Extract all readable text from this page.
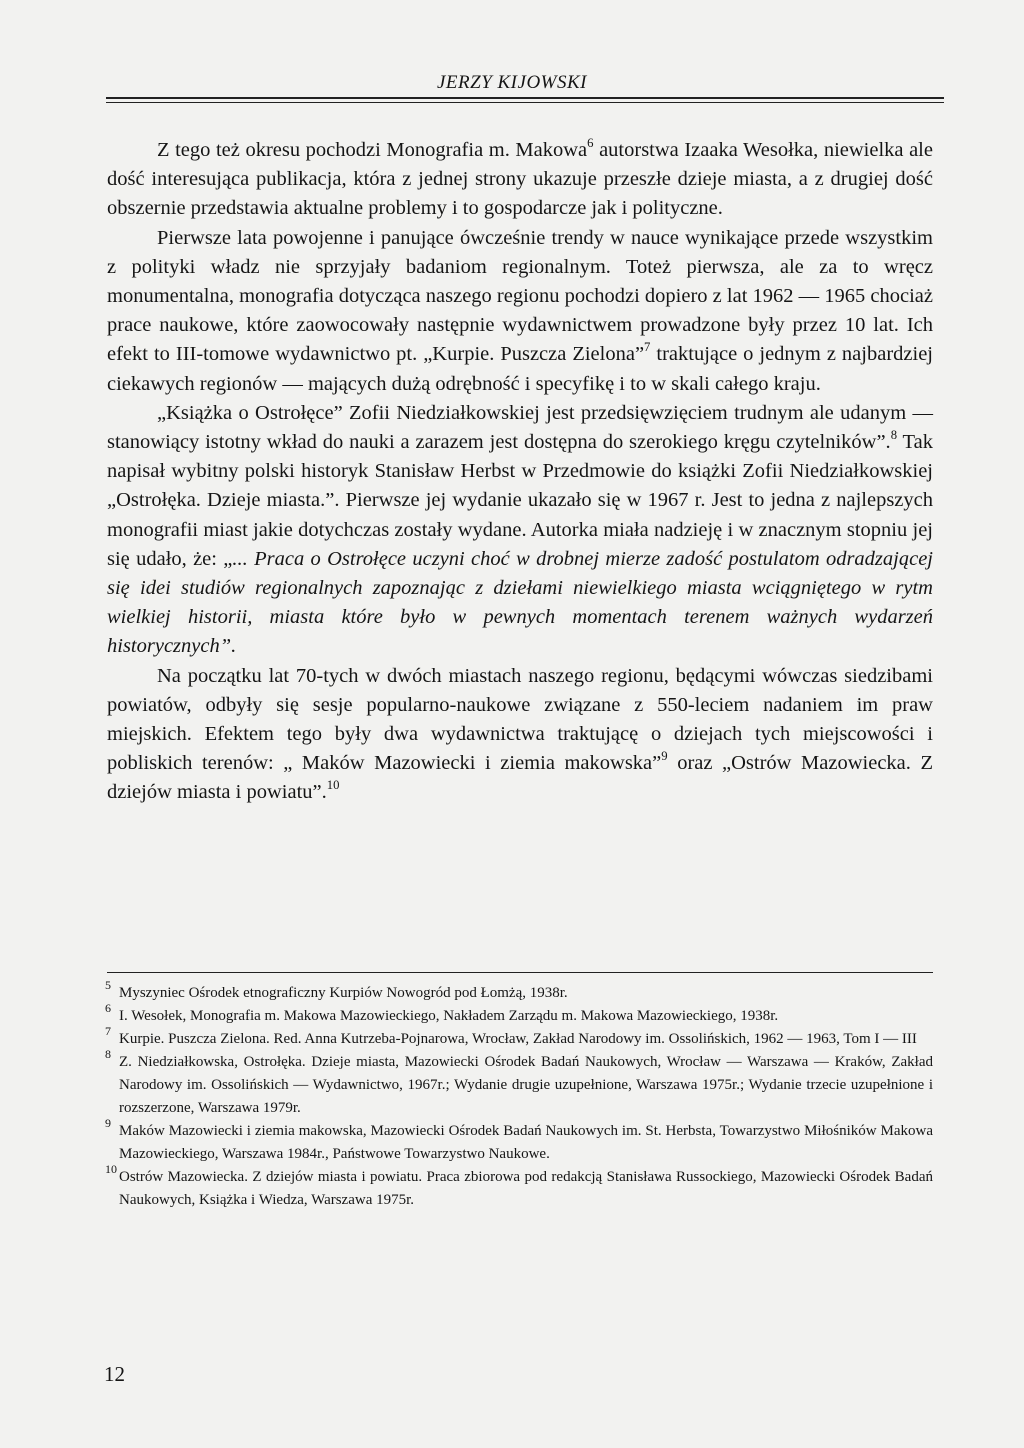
JERZY KIJOWSKI

Z tego też okresu pochodzi Monografia m. Makowa$^6$ autorstwa Izaaka Wesołka, niewielka ale dość interesująca publikacja, która z jednej strony ukazuje przeszłe dzieje miasta, a z drugiej dość obszernie przedstawia aktualne problemy i to gospodarcze jak i polityczne.

Pierwsze lata powojenne i panujące ówcześnie trendy w nauce wynikające przede wszystkim z polityki władz nie sprzyjały badaniom regionalnym. Toteż pierwsza, ale za to wręcz monumentalna, monografia dotycząca naszego regionu pochodzi dopiero z lat 1962 — 1965 chociaż prace naukowe, które zaowocowały następnie wydawnictwem prowadzone były przez 10 lat. Ich efekt to III-tomowe wydawnictwo pt. „Kurpie. Puszcza Zielona”$^7$ traktujące o jednym z najbardziej ciekawych regionów — mających dużą odrębność i specyfikę i to w skali całego kraju.

„Książka o Ostrołęce” Zofii Niedziałkowskiej jest przedsięwzięciem trudnym ale udanym — stanowiący istotny wkład do nauki a zarazem jest dostępna do szerokiego kręgu czytelników”.$^8$ Tak napisał wybitny polski historyk Stanisław Herbst w Przedmowie do książki Zofii Niedziałkowskiej „Ostrołęka. Dzieje miasta.”. Pierwsze jej wydanie ukazało się w 1967 r. Jest to jedna z najlepszych monografii miast jakie dotychczas zostały wydane. Autorka miała nadzieję i w znacznym stopniu jej się udało, że: „... Praca o Ostrołęce uczyni choć w drobnej mierze zadość postulatom odradzającej się idei studiów regionalnych zapoznając z dziełami niewielkiego miasta wciągniętego w rytm wielkiej historii, miasta które było w pewnych momentach terenem ważnych wydarzeń historycznych”.

Na początku lat 70-tych w dwóch miastach naszego regionu, będącymi wówczas siedzibami powiatów, odbyły się sesje popularno-naukowe związane z 550-leciem nadaniem im praw miejskich. Efektem tego były dwa wydawnictwa traktującę o dziejach tych miejscowości i pobliskich terenów: „ Maków Mazowiecki i ziemia makowska”$^9$ oraz „Ostrów Mazowiecka. Z dziejów miasta i powiatu”.$^{10}$

5 Myszyniec Ośrodek etnograficzny Kurpiów Nowogród pod Łomżą, 1938r.

6 I. Wesołek, Monografia m. Makowa Mazowieckiego, Nakładem Zarządu m. Makowa Mazowieckiego, 1938r.

7 Kurpie. Puszcza Zielona. Red. Anna Kutrzeba-Pojnarowa, Wrocław, Zakład Narodowy im. Ossolińskich, 1962 — 1963, Tom I — III

8 Z. Niedziałkowska, Ostrołęka. Dzieje miasta, Mazowiecki Ośrodek Badań Naukowych, Wrocław — Warszawa — Kraków, Zakład Narodowy im. Ossolińskich — Wydawnictwo, 1967r.; Wydanie drugie uzupełnione, Warszawa 1975r.; Wydanie trzecie uzupełnione i rozszerzone, Warszawa 1979r.

9 Maków Mazowiecki i ziemia makowska, Mazowiecki Ośrodek Badań Naukowych im. St. Herbsta, Towarzystwo Miłośników Makowa Mazowieckiego, Warszawa 1984r., Państwowe Towarzystwo Naukowe.

10 Ostrów Mazowiecka. Z dziejów miasta i powiatu. Praca zbiorowa pod redakcją Stanisława Russockiego, Mazowiecki Ośrodek Badań Naukowych, Książka i Wiedza, Warszawa 1975r.

12
